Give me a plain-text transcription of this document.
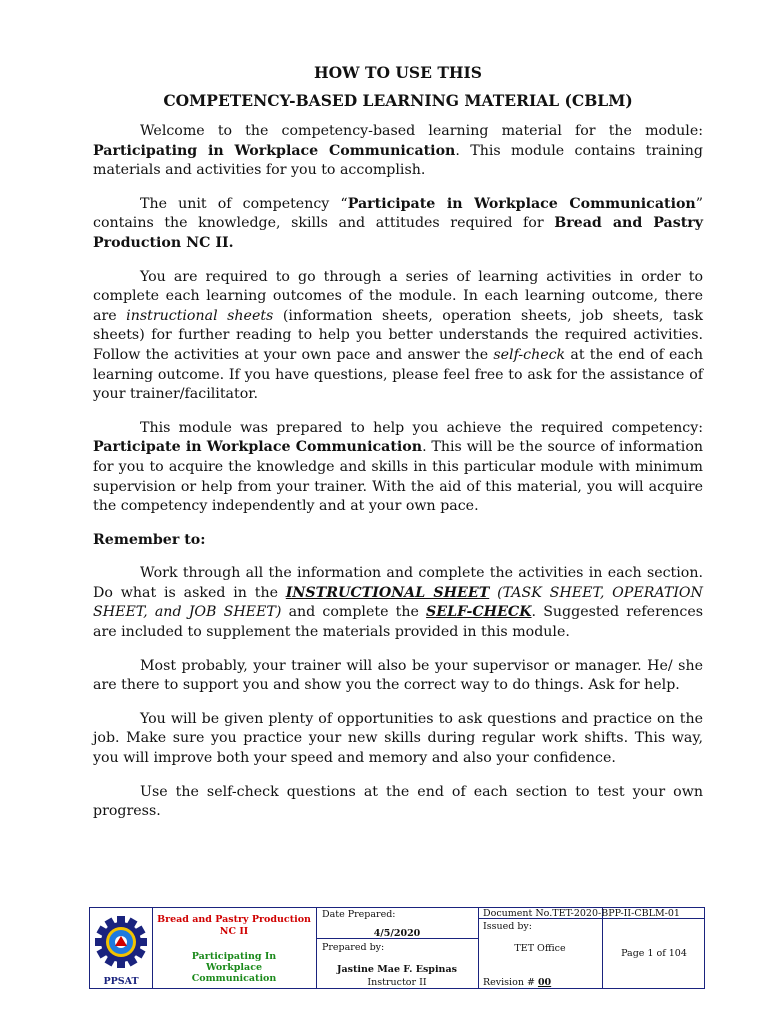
HOW TO USE THIS

COMPETENCY-BASED LEARNING MATERIAL (CBLM)

Welcome to the competency-based learning material for the module: Participating in Workplace Communication. This module contains training materials and activities for you to accomplish.

The unit of competency “Participate in Workplace Communication” contains the knowledge, skills and attitudes required for Bread and Pastry Production NC II.

You are required to go through a series of learning activities in order to complete each learning outcomes of the module. In each learning outcome, there are instructional sheets (information sheets, operation sheets, job sheets, task sheets) for further reading to help you better understands the required activities. Follow the activities at your own pace and answer the self-check at the end of each learning outcome. If you have questions, please feel free to ask for the assistance of your trainer/facilitator.

This module was prepared to help you achieve the required competency: Participate in Workplace Communication. This will be the source of information for you to acquire the knowledge and skills in this particular module with minimum supervision or help from your trainer. With the aid of this material, you will acquire the competency independently and at your own pace.

Remember to:

Work through all the information and complete the activities in each section. Do what is asked in the INSTRUCTIONAL SHEET (TASK SHEET, OPERATION SHEET, and JOB SHEET) and complete the SELF-CHECK. Suggested references are included to supplement the materials provided in this module.

Most probably, your trainer will also be your supervisor or manager. He/ she are there to support you and show you the correct way to do things. Ask for help.

You will be given plenty of opportunities to ask questions and practice on the job. Make sure you practice your new skills during regular work shifts. This way, you will improve both your speed and memory and also your confidence.

Use the self-check questions at the end of each section to test your own progress.

PPSAT
Bread and Pastry Production NC II
Participating In Workplace Communication
Date Prepared:
4/5/2020
Prepared by:
Jastine Mae F. Espinas
Instructor II
Document No.TET-2020-BPP-II-CBLM-01
Issued by:
TET Office
Revision # 00
Page 1 of 104
